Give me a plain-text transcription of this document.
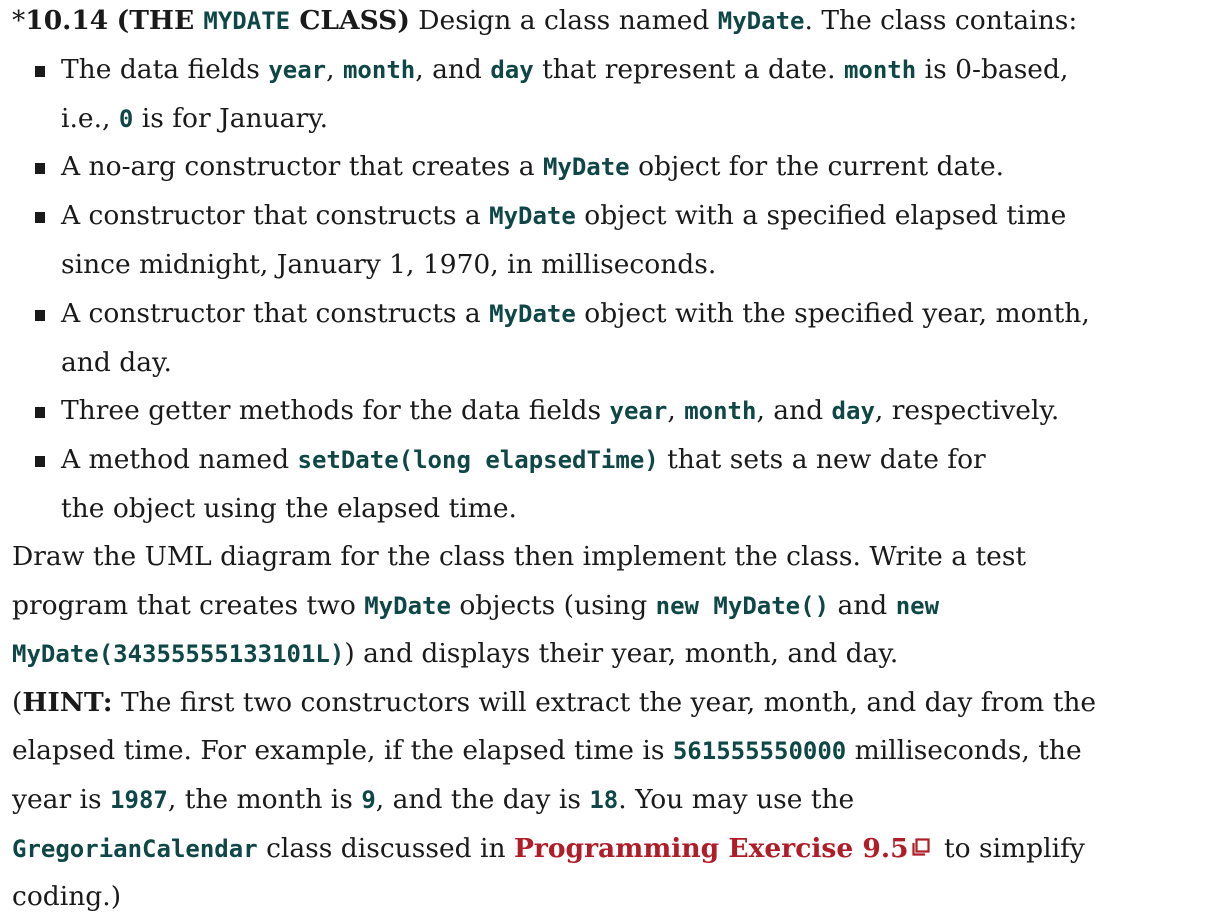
*10.14 (THE MYDATE CLASS) Design a class named MyDate. The class contains:
The data fields year, month, and day that represent a date. month is 0-based,
i.e., 0 is for January.
A no-arg constructor that creates a MyDate object for the current date.
A constructor that constructs a MyDate object with a specified elapsed time
since midnight, January 1, 1970, in milliseconds.
A constructor that constructs a MyDate object with the specified year, month,
and day.
Three getter methods for the data fields year, month, and day, respectively.
A method named setDate(long elapsedTime) that sets a new date for
the object using the elapsed time.
Draw the UML diagram for the class then implement the class. Write a test
program that creates two MyDate objects (using new MyDate() and new
MyDate(34355555133101L)) and displays their year, month, and day.
(HINT: The first two constructors will extract the year, month, and day from the
elapsed time. For example, if the elapsed time is 561555550000 milliseconds, the
year is 1987, the month is 9, and the day is 18. You may use the
GregorianCalendar class discussed in Programming Exercise 9.5
to simplify
coding.)
